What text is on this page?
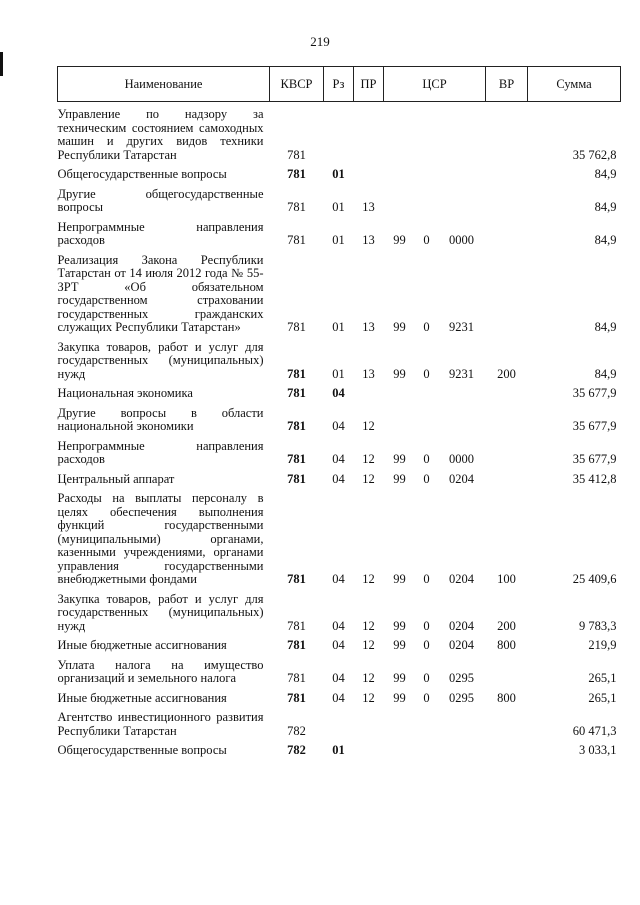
219
Наименование	КВСР	Рз	ПР	ЦСР			ВР	Сумма
Управление по надзору за техническим состоянием самоходных машин и других видов техники Республики Татарстан	781							35 762,8
Общегосударственные вопросы	781	01						84,9
Другие общегосударственные вопросы	781	01	13					84,9
Непрограммные направления расходов	781	01	13	99	0	0000		84,9
Реализация Закона Республики Татарстан от 14 июля 2012 года № 55-ЗРТ «Об обязательном государственном страховании государственных гражданских служащих Республики Татарстан»	781	01	13	99	0	9231		84,9
Закупка товаров, работ и услуг для государственных (муниципальных) нужд	781	01	13	99	0	9231	200	84,9
Национальная экономика	781	04						35 677,9
Другие вопросы в области национальной экономики	781	04	12					35 677,9
Непрограммные направления расходов	781	04	12	99	0	0000		35 677,9
Центральный аппарат	781	04	12	99	0	0204		35 412,8
Расходы на выплаты персоналу в целях обеспечения выполнения функций государственными (муниципальными) органами, казенными учреждениями, органами управления государственными внебюджетными фондами	781	04	12	99	0	0204	100	25 409,6
Закупка товаров, работ и услуг для государственных (муниципальных) нужд	781	04	12	99	0	0204	200	9 783,3
Иные бюджетные ассигнования	781	04	12	99	0	0204	800	219,9
Уплата налога на имущество организаций и земельного налога	781	04	12	99	0	0295		265,1
Иные бюджетные ассигнования	781	04	12	99	0	0295	800	265,1
Агентство инвестиционного развития Республики Татарстан	782							60 471,3
Общегосударственные вопросы	782	01						3 033,1
